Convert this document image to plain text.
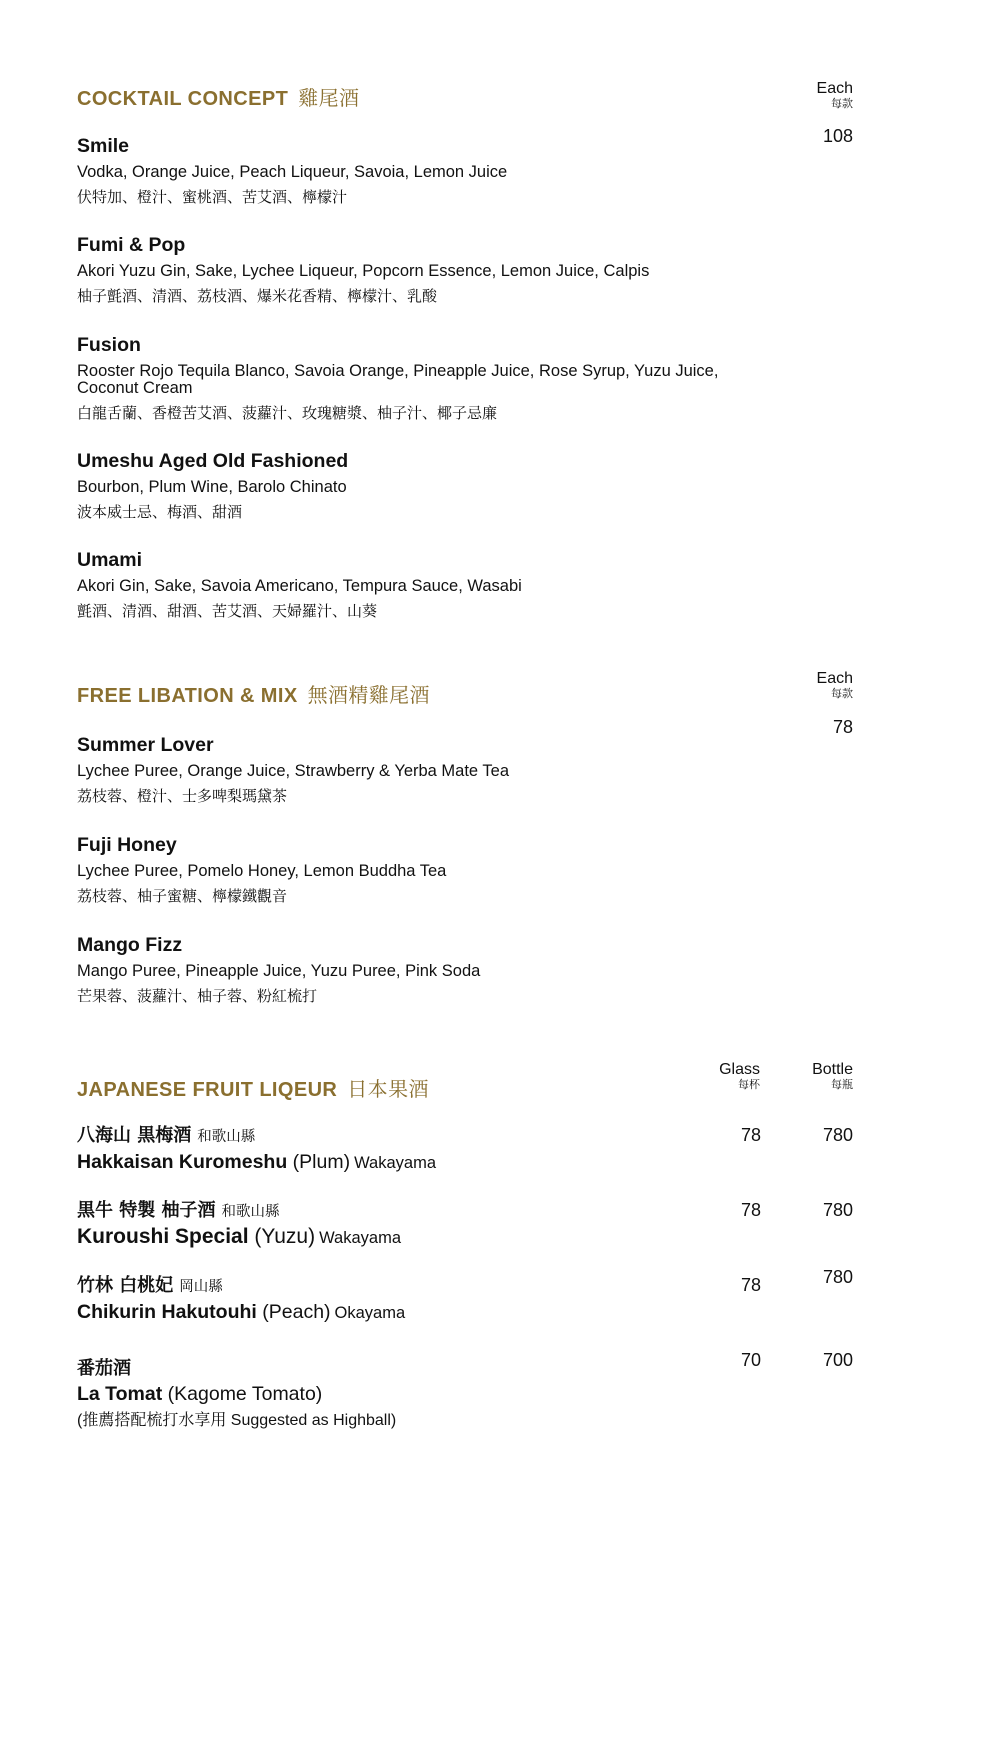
COCKTAIL CONCEPT 雞尾酒	Each
每款
108
Smile
Vodka, Orange Juice, Peach Liqueur, Savoia, Lemon Juice
伏特加、橙汁、蜜桃酒、苦艾酒、檸檬汁
Fumi & Pop
Akori Yuzu Gin, Sake, Lychee Liqueur, Popcorn Essence, Lemon Juice, Calpis
柚子氈酒、清酒、荔枝酒、爆米花香精、檸檬汁、乳酸
Fusion
Rooster Rojo Tequila Blanco, Savoia Orange, Pineapple Juice, Rose Syrup, Yuzu Juice, Coconut Cream
白龍舌蘭、香橙苦艾酒、菠蘿汁、玫瑰糖漿、柚子汁、椰子忌廉
Umeshu Aged Old Fashioned
Bourbon, Plum Wine, Barolo Chinato
波本威士忌、梅酒、甜酒
Umami
Akori Gin, Sake, Savoia Americano, Tempura Sauce, Wasabi
氈酒、清酒、甜酒、苦艾酒、天婦羅汁、山葵
FREE LIBATION & MIX 無酒精雞尾酒
Each
每款
78
Summer Lover
Lychee Puree, Orange Juice, Strawberry & Yerba Mate Tea
荔枝蓉、橙汁、士多啤梨瑪黛茶
Fuji Honey
Lychee Puree, Pomelo Honey, Lemon Buddha Tea
荔枝蓉、柚子蜜糖、檸檬鐵觀音
Mango Fizz
Mango Puree, Pineapple Juice, Yuzu Puree, Pink Soda
芒果蓉、菠蘿汁、柚子蓉、粉紅梳打
JAPANESE FRUIT LIQEUR 日本果酒
Glass
每杯
Bottle
每瓶
八海山 黒梅酒 和歌山縣
Hakkaisan Kuromeshu (Plum) Wakayama
78	780
黒牛 特製 柚子酒 和歌山縣
Kuroushi Special (Yuzu) Wakayama
78	780
竹林 白桃妃 岡山縣
Chikurin Hakutouhi (Peach) Okayama
78	780
番茄酒
La Tomat (Kagome Tomato)
(推薦搭配梳打水享用 Suggested as Highball)
70	700
